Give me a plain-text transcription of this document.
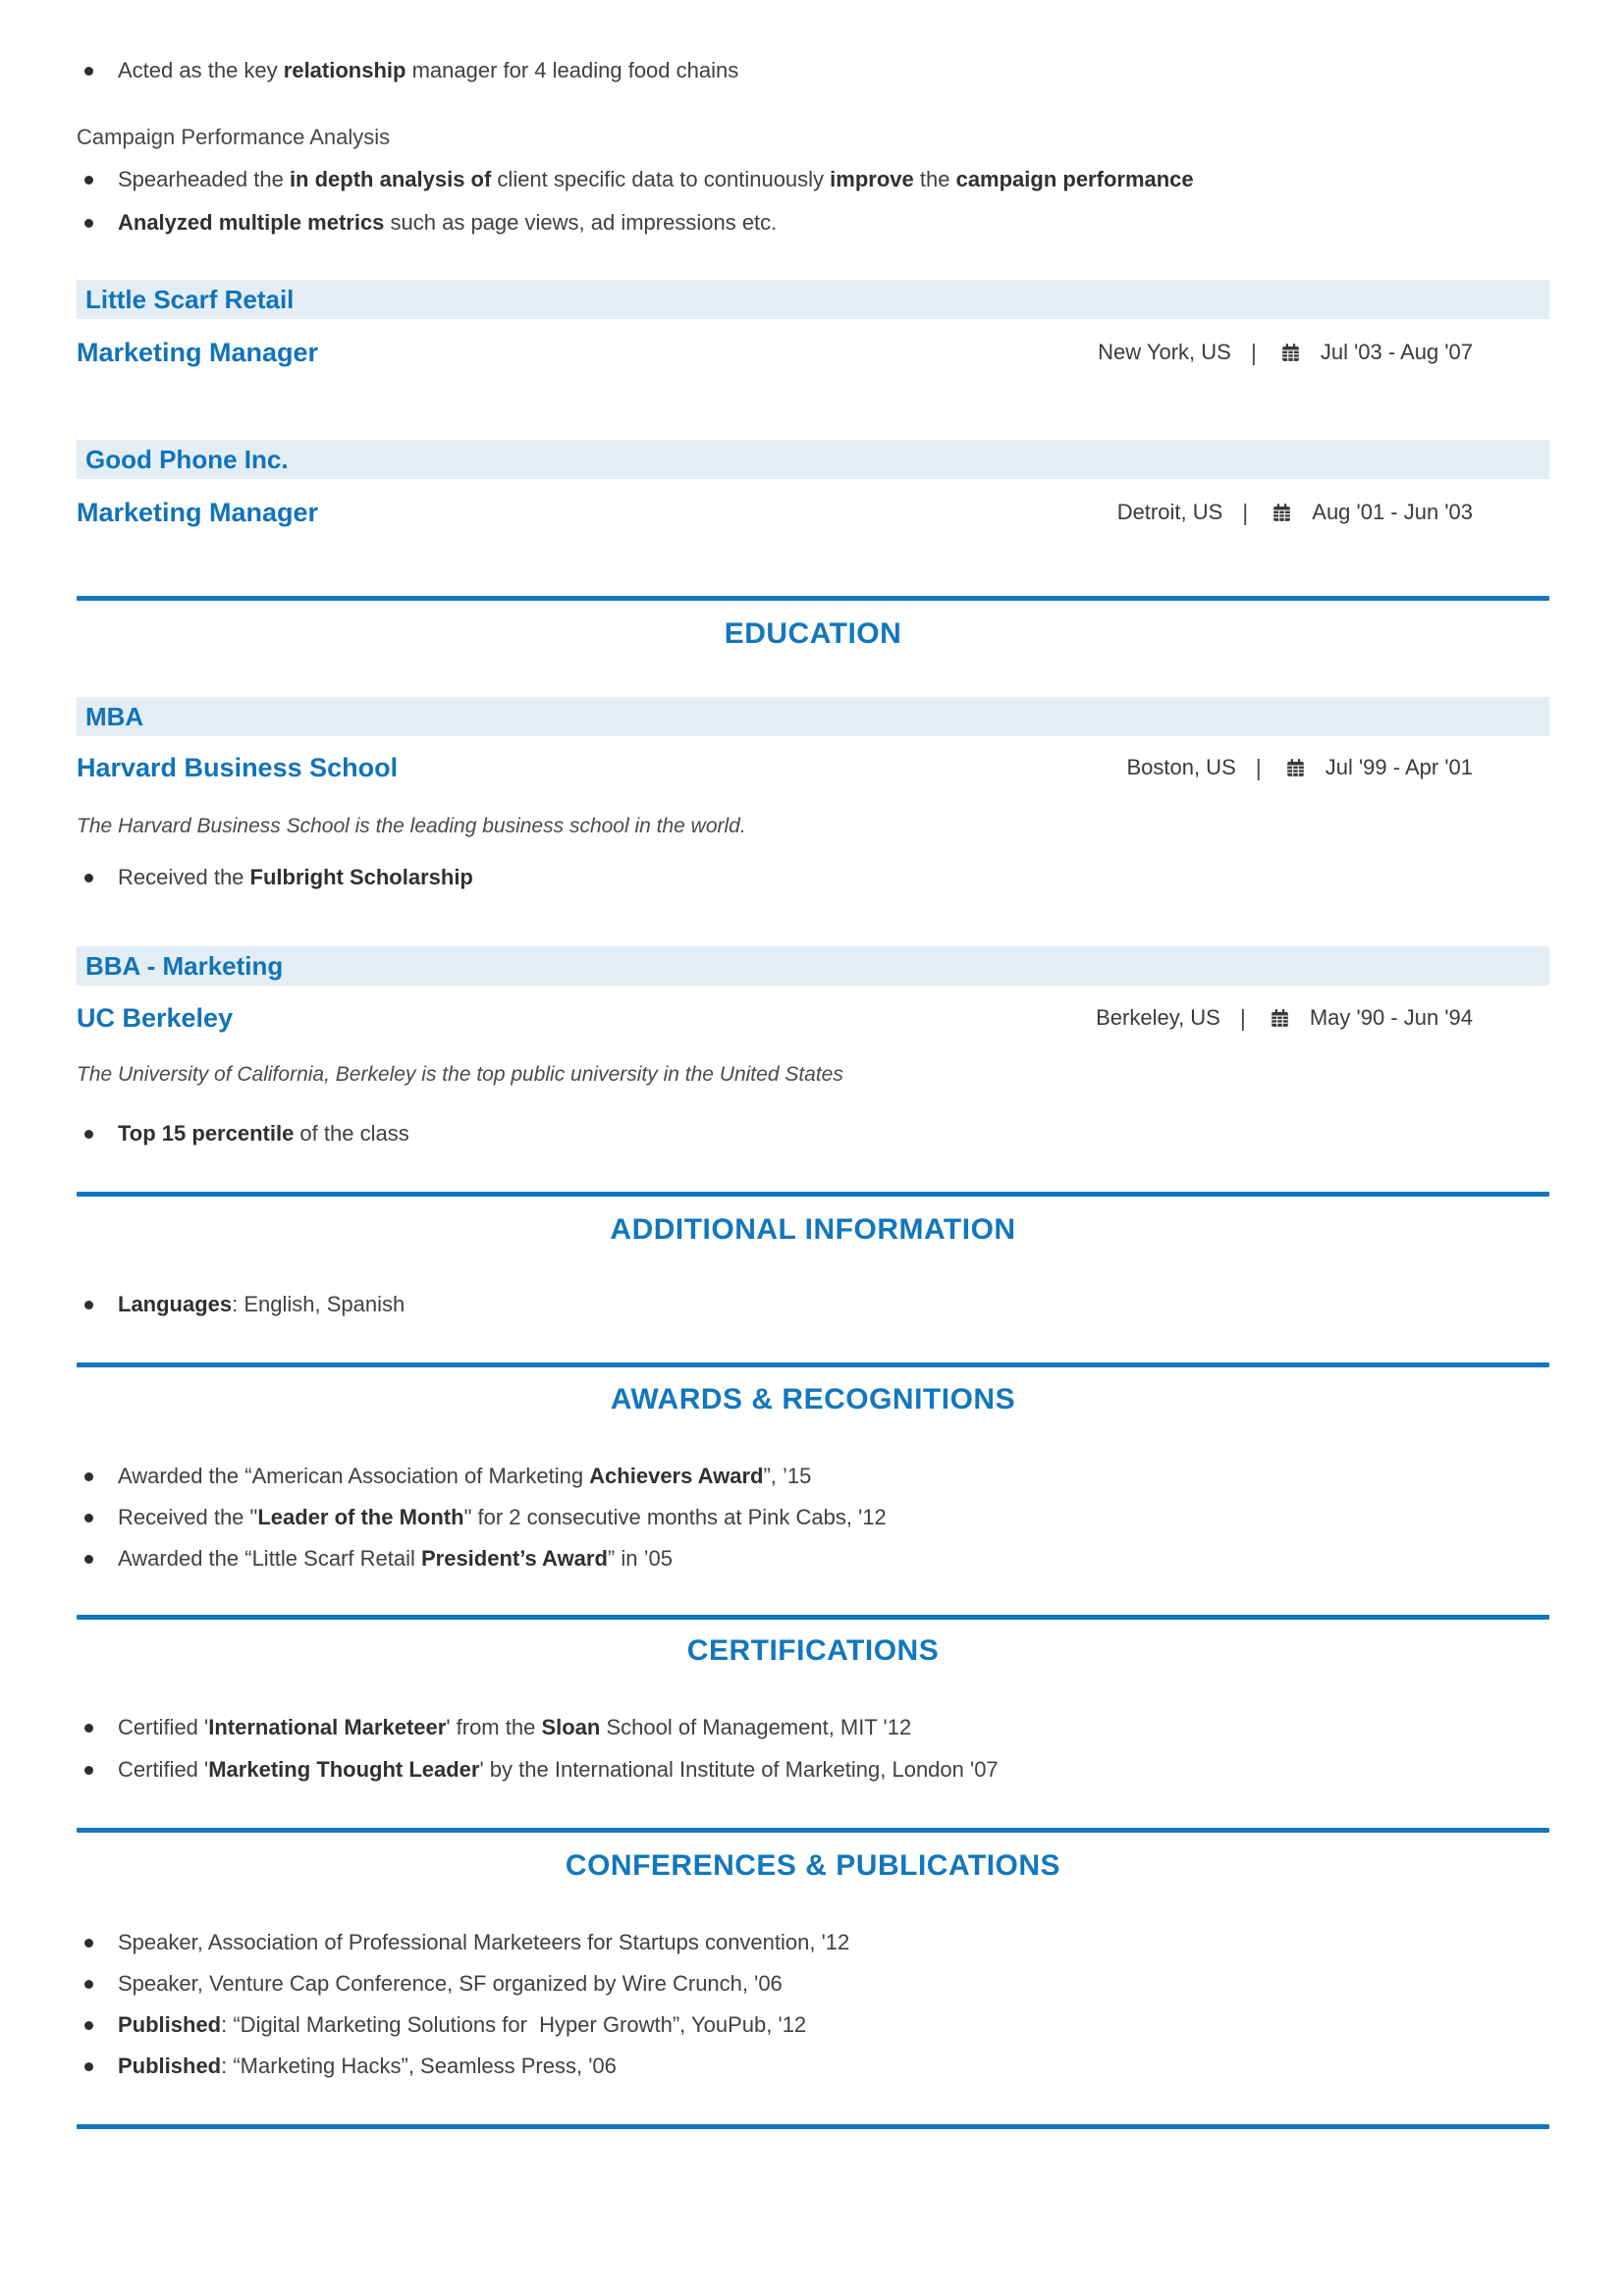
Acted as the key relationship manager for 4 leading food chains

Campaign Performance Analysis

Spearheaded the in depth analysis of client specific data to continuously improve the campaign performance
Analyzed multiple metrics such as page views, ad impressions etc.
Little Scarf Retail
Marketing Manager	New York, US |	Jul '03 - Aug '07
Good Phone Inc.
Marketing Manager	Detroit, US |	Aug '01 - Jun '03
EDUCATION
MBA
Harvard Business School	Boston, US |	Jul '99 - Apr '01

The Harvard Business School is the leading business school in the world.

Received the Fulbright Scholarship
BBA - Marketing
UC Berkeley	Berkeley, US |	May '90 - Jun '94

The University of California, Berkeley is the top public university in the United States

Top 15 percentile of the class
ADDITIONAL INFORMATION
Languages: English, Spanish
AWARDS & RECOGNITIONS
Awarded the “American Association of Marketing Achievers Award”, ’15
Received the "Leader of the Month" for 2 consecutive months at Pink Cabs, '12
Awarded the “Little Scarf Retail President’s Award” in ’05
CERTIFICATIONS
Certified 'International Marketeer' from the Sloan School of Management, MIT '12
Certified 'Marketing Thought Leader' by the International Institute of Marketing, London '07
CONFERENCES & PUBLICATIONS
Speaker, Association of Professional Marketeers for Startups convention, '12
Speaker, Venture Cap Conference, SF organized by Wire Crunch, '06
Published: “Digital Marketing Solutions for  Hyper Growth”, YouPub, '12
Published: “Marketing Hacks”, Seamless Press, '06
